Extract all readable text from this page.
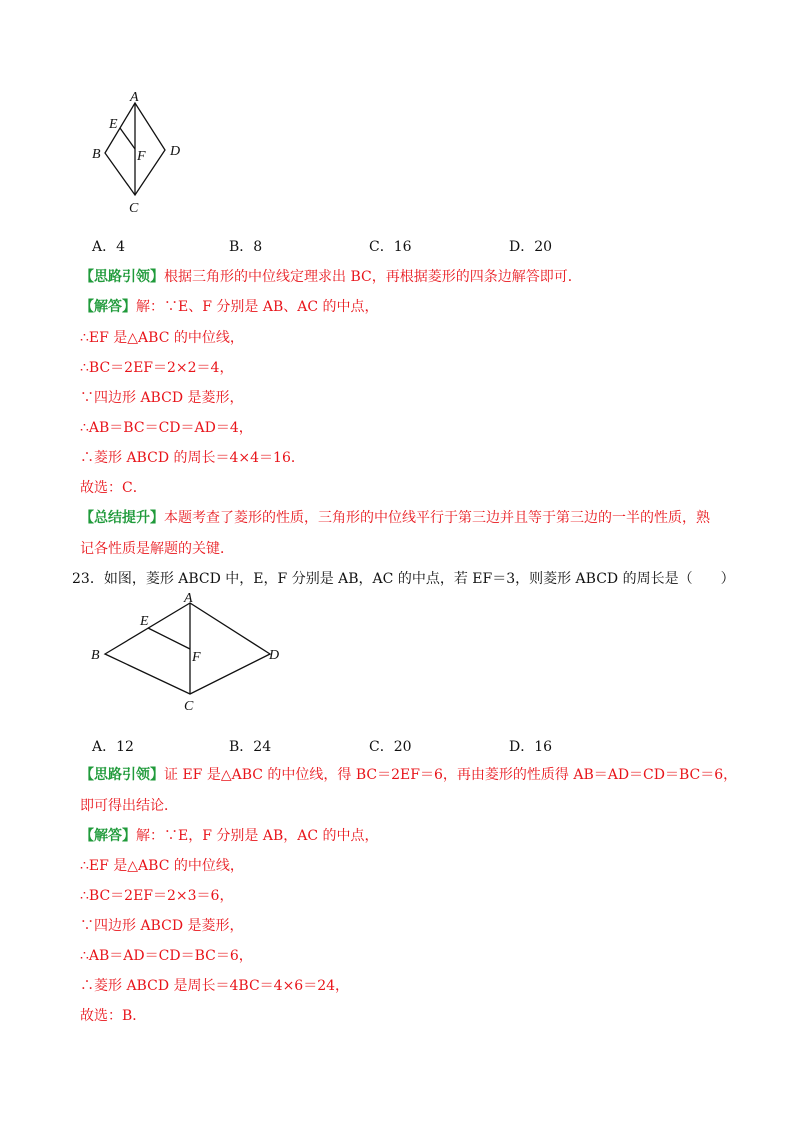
A
E
B	F D
C
A．4	B．8	C．16	D．20
【思路引领】根据三角形的中位线定理求出 BC，再根据菱形的四条边解答即可．
【解答】解：∵E、F 分别是 AB、AC 的中点，
∴EF 是△ABC 的中位线，
∴BC＝2EF＝2×2＝4，
∵四边形 ABCD 是菱形，
∴AB＝BC＝CD＝AD＝4，
∴菱形 ABCD 的周长＝4×4＝16．
故选：C．
【总结提升】本题考查了菱形的性质，三角形的中位线平行于第三边并且等于第三边的一半的性质，熟
记各性质是解题的关键．
23．如图，菱形 ABCD 中，E，F 分别是 AB，AC 的中点，若 EF＝3，则菱形 ABCD 的周长是（　　）
A
E
B	F	D
C
A．12	B．24	C．20	D．16
【思路引领】证 EF 是△ABC 的中位线，得 BC＝2EF＝6，再由菱形的性质得 AB＝AD＝CD＝BC＝6，
即可得出结论．
【解答】解：∵E，F 分别是 AB，AC 的中点，
∴EF 是△ABC 的中位线，
∴BC＝2EF＝2×3＝6，
∵四边形 ABCD 是菱形，
∴AB＝AD＝CD＝BC＝6，
∴菱形 ABCD 是周长＝4BC＝4×6＝24，
故选：B．
